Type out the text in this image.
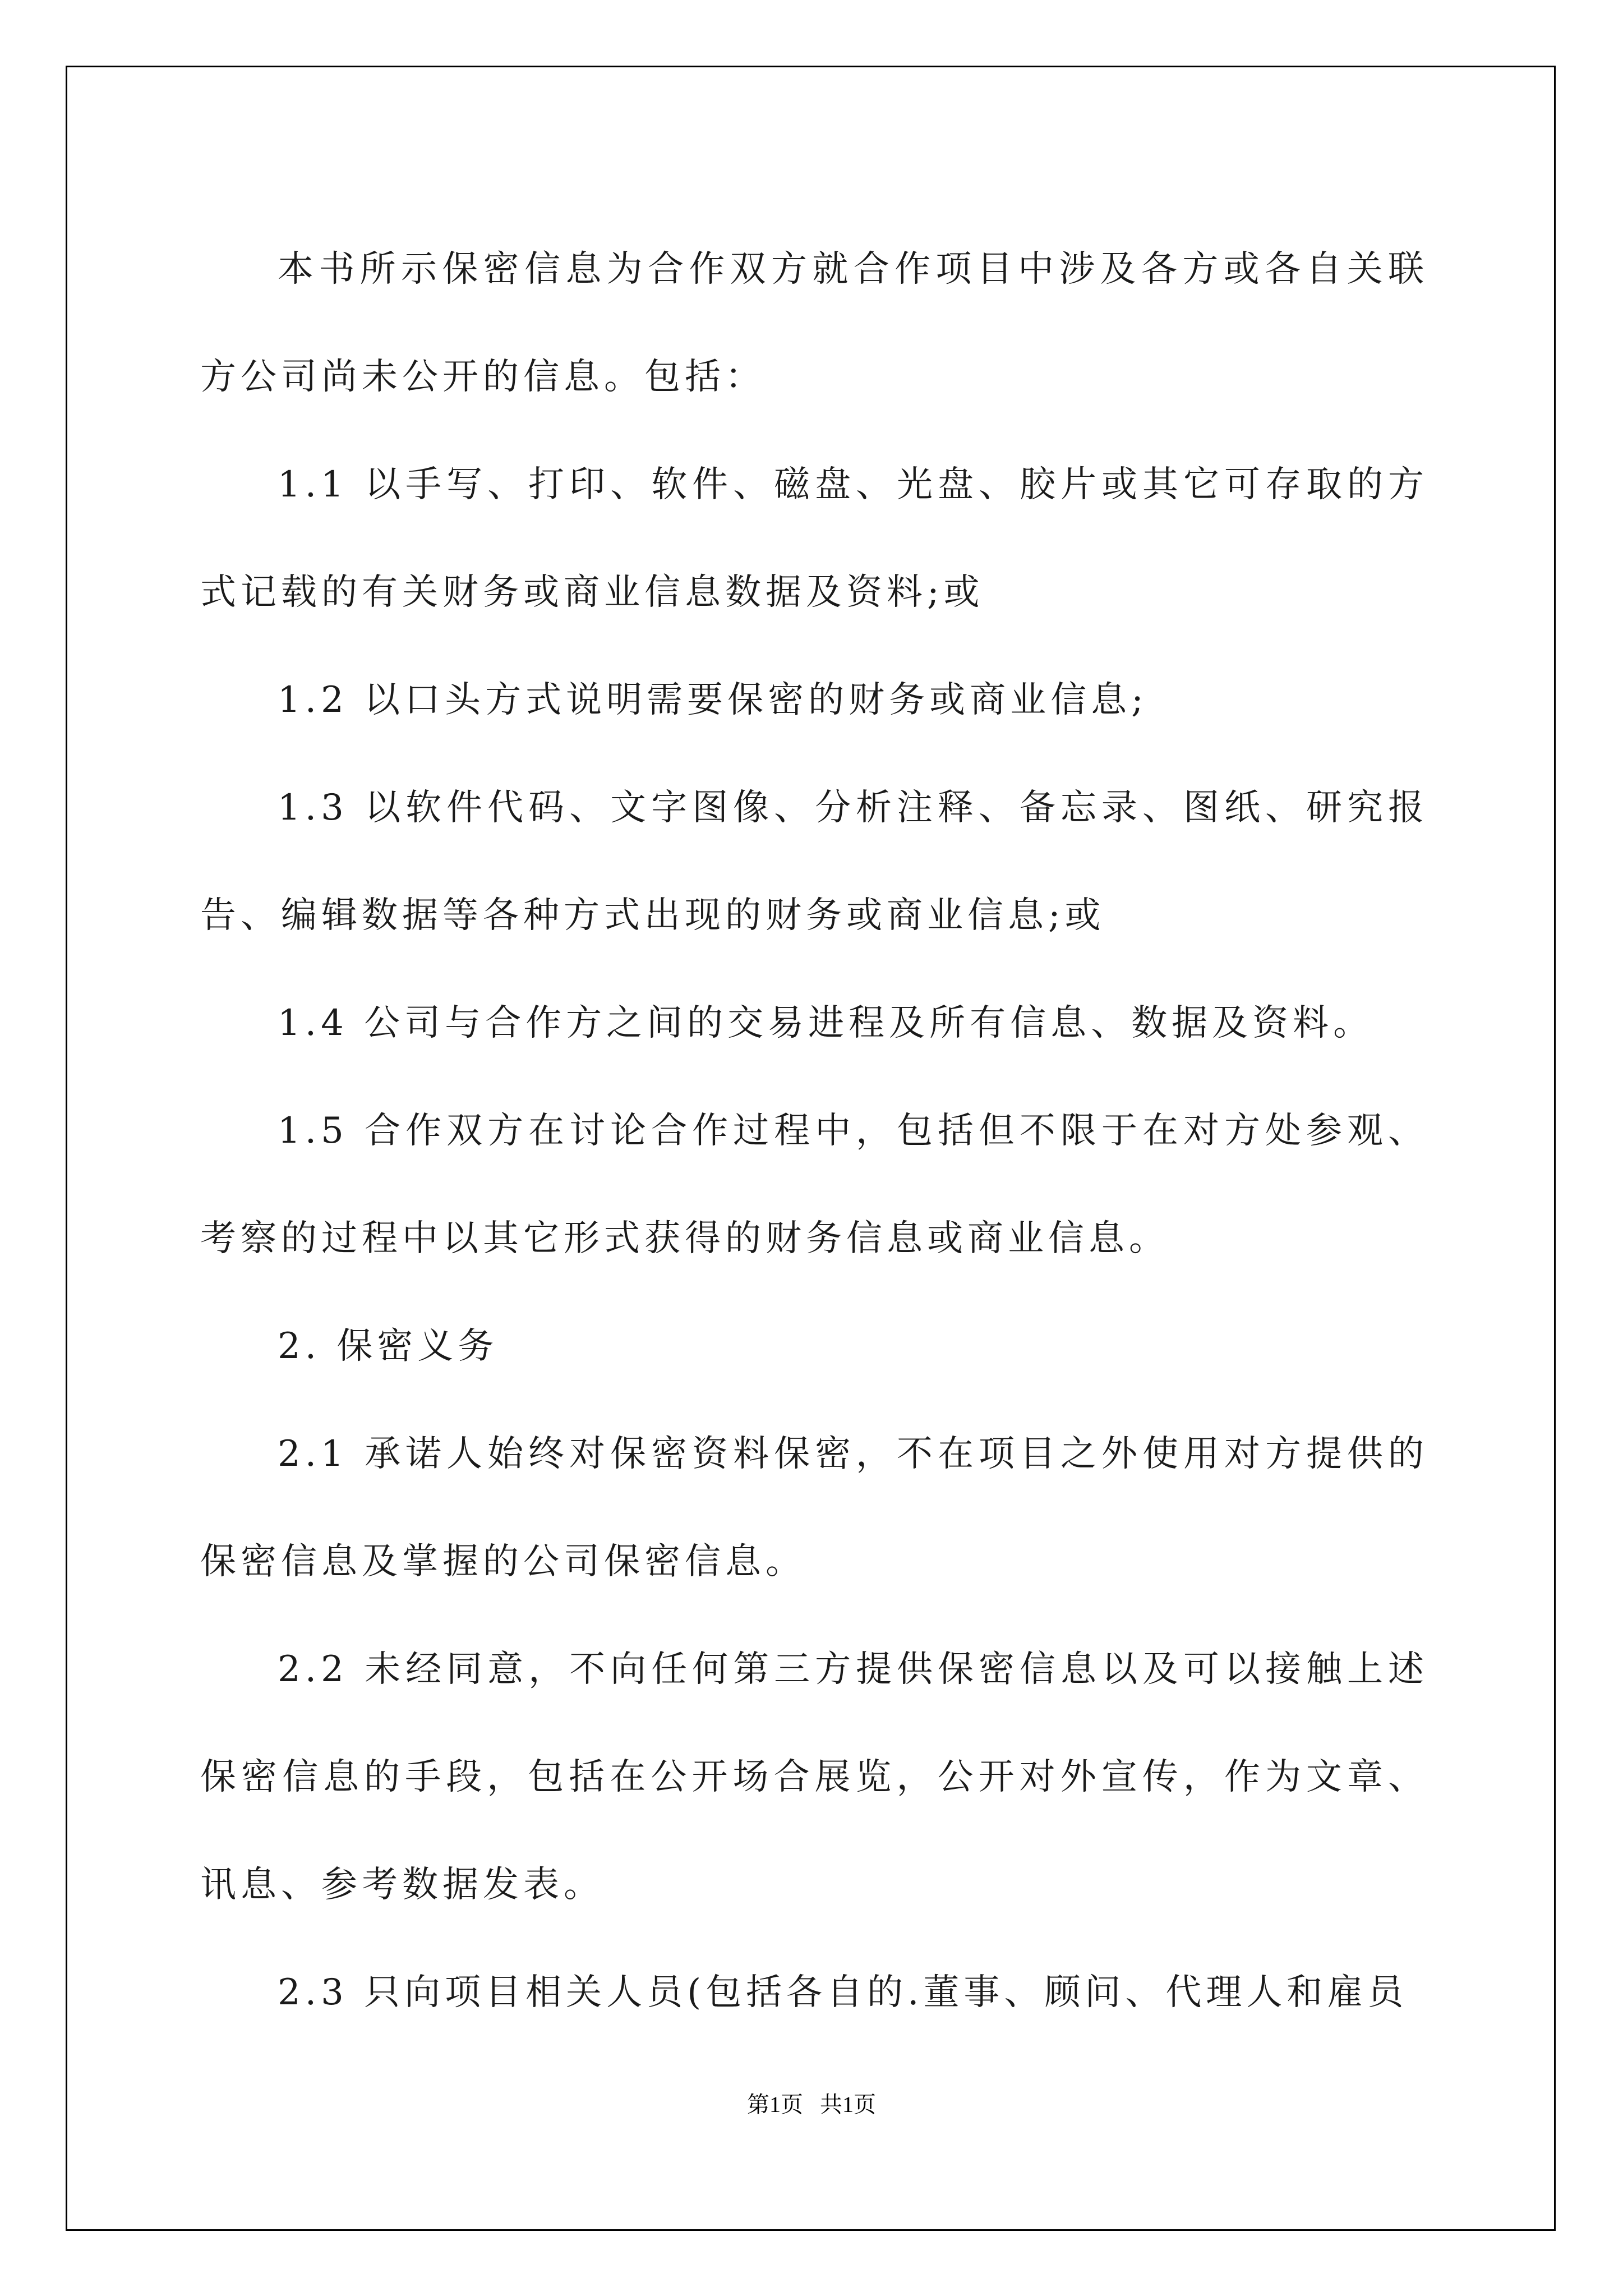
本书所示保密信息为合作双方就合作项目中涉及各方或各自关联方公司尚未公开的信息。包括：

1.1 以手写、打印、软件、磁盘、光盘、胶片或其它可存取的方式记载的有关财务或商业信息数据及资料;或

1.2 以口头方式说明需要保密的财务或商业信息;

1.3 以软件代码、文字图像、分析注释、备忘录、图纸、研究报告、编辑数据等各种方式出现的财务或商业信息;或

1.4 公司与合作方之间的交易进程及所有信息、数据及资料。

1.5 合作双方在讨论合作过程中，包括但不限于在对方处参观、考察的过程中以其它形式获得的财务信息或商业信息。

2. 保密义务

2.1 承诺人始终对保密资料保密，不在项目之外使用对方提供的保密信息及掌握的公司保密信息。

2.2 未经同意，不向任何第三方提供保密信息以及可以接触上述保密信息的手段，包括在公开场合展览，公开对外宣传，作为文章、讯息、参考数据发表。

2.3 只向项目相关人员(包括各自的.董事、顾问、代理人和雇员

第1页 共1页
